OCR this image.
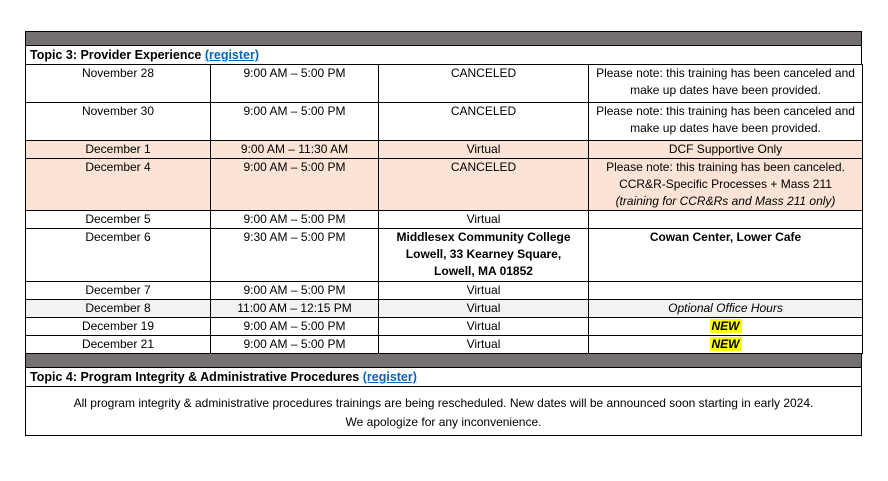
Topic 3: Provider Experience (register)
November 28	9:00 AM – 5:00 PM	CANCELED	Please note: this training has been canceled and make up dates have been provided.

November 30	9:00 AM – 5:00 PM	CANCELED	Please note: this training has been canceled and make up dates have been provided.

December 1	9:00 AM – 11:30 AM	Virtual	DCF Supportive Only

December 4	9:00 AM – 5:00 PM	CANCELED	Please note: this training has been canceled.
CCR&R-Specific Processes + Mass 211
(training for CCR&Rs and Mass 211 only)

December 5	9:00 AM – 5:00 PM	Virtual	

December 6	9:30 AM – 5:00 PM	Middlesex Community College
Lowell, 33 Kearney Square,
Lowell, MA 01852	Cowan Center, Lower Cafe

December 7	9:00 AM – 5:00 PM	Virtual	

December 8	11:00 AM – 12:15 PM	Virtual	Optional Office Hours

December 19	9:00 AM – 5:00 PM	Virtual	NEW

December 21	9:00 AM – 5:00 PM	Virtual	NEW
Topic 4: Program Integrity & Administrative Procedures (register)
All program integrity & administrative procedures trainings are being rescheduled. New dates will be announced soon starting in early 2024.
We apologize for any inconvenience.
